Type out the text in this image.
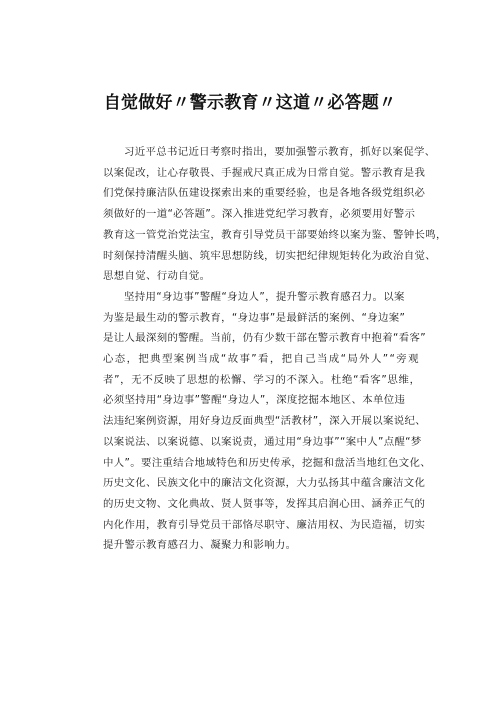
自觉做好〃警示教育〃这道〃必答题〃
习近平总书记近日考察时指出，要加强警示教育，抓好以案促学、
以案促改，让心存敬畏、手握戒尺真正成为日常自觉。警示教育是我
们党保持廉洁队伍建设探索出来的重要经验，也是各地各级党组织必
须做好的一道“必答题”。深入推进党纪学习教育，必须要用好警示
教育这一管党治党法宝，教育引导党员干部要始终以案为鉴、警钟长鸣，
时刻保持清醒头脑、筑牢思想防线，切实把纪律规矩转化为政治自觉、
思想自觉、行动自觉。
坚持用“身边事”警醒“身边人”，提升警示教育感召力。以案
为鉴是最生动的警示教育，“身边事”是最鲜活的案例、“身边案”
是让人最深刻的警醒。当前，仍有少数干部在警示教育中抱着“看客”
心态，把典型案例当成“故事”看，把自己当成“局外人”“旁观
者”，无不反映了思想的松懈、学习的不深入。杜绝“看客”思维，
必须坚持用“身边事”警醒“身边人”，深度挖掘本地区、本单位违
法违纪案例资源，用好身边反面典型“活教材”，深入开展以案说纪、
以案说法、以案说德、以案说责，通过用“身边事”“案中人”点醒“梦
中人”。要注重结合地域特色和历史传承，挖掘和盘活当地红色文化、
历史文化、民族文化中的廉洁文化资源，大力弘扬其中蕴含廉洁文化
的历史文物、文化典故、贤人贤事等，发挥其启润心田、涵养正气的
内化作用，教育引导党员干部恪尽职守、廉洁用权、为民造福，切实
提升警示教育感召力、凝聚力和影响力。
